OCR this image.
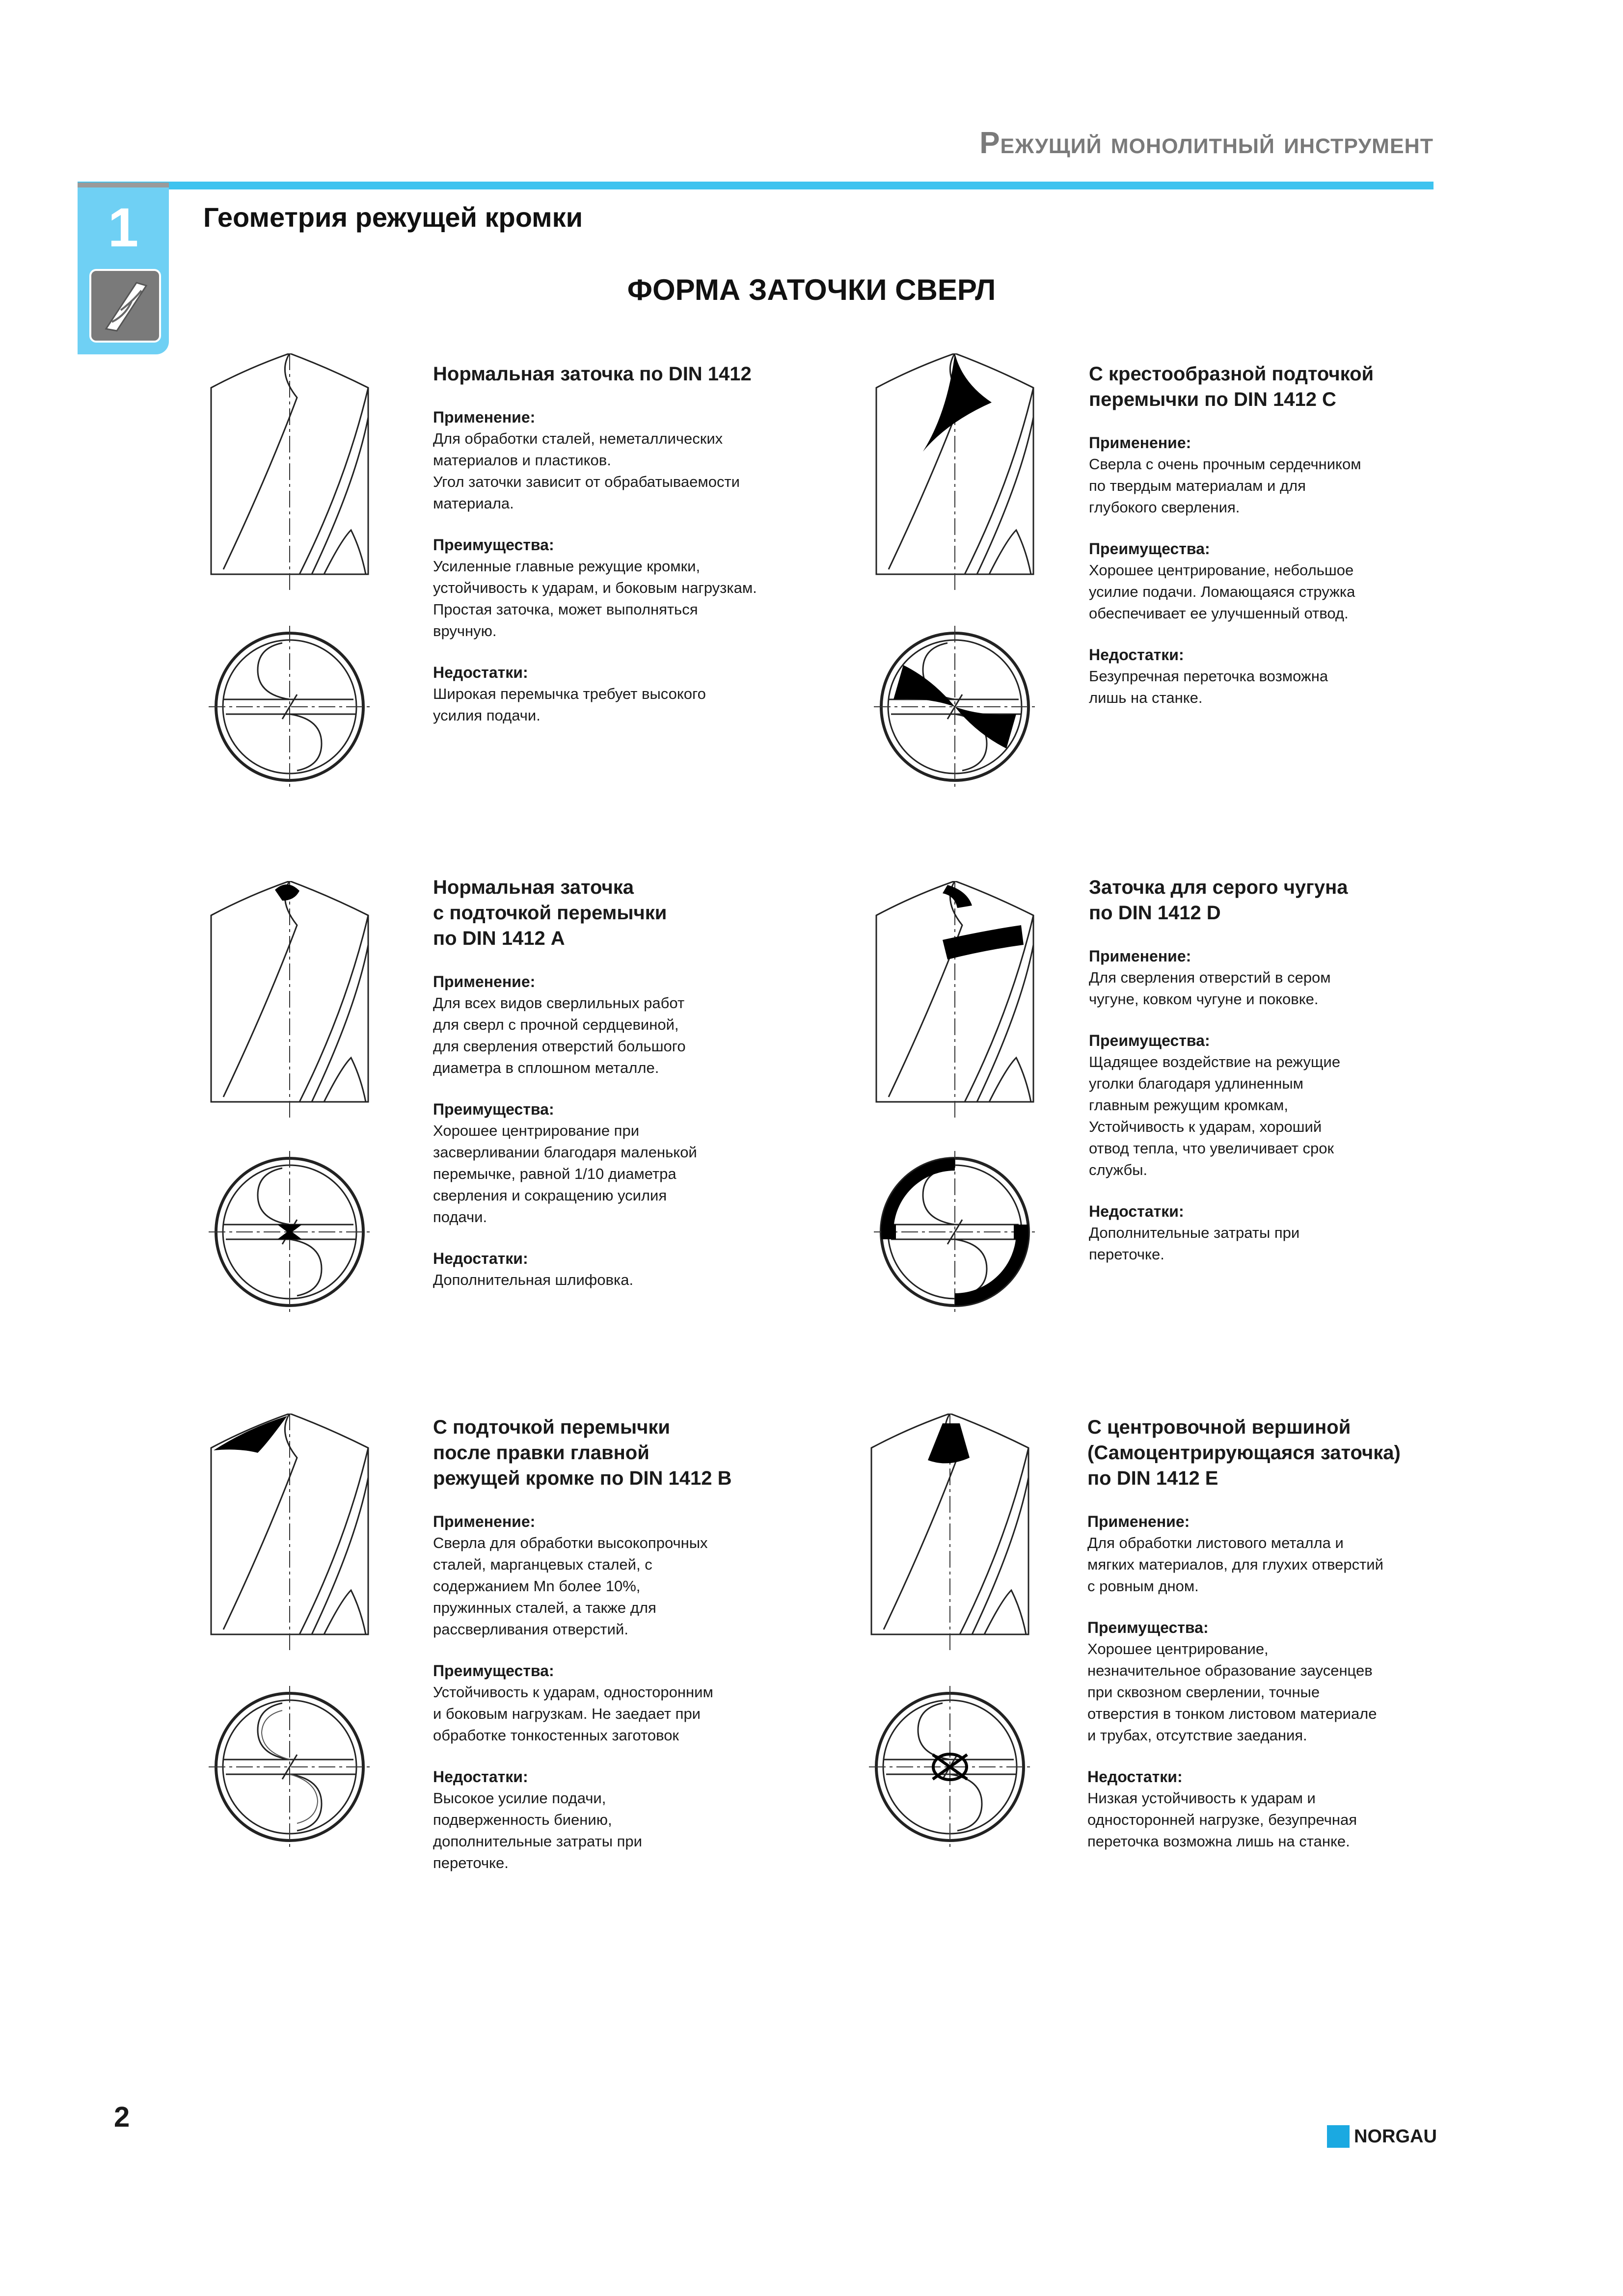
Режущий монолитный инструмент
1	Геометрия режущей кромки
ФОРМА ЗАТОЧКИ СВЕРЛ

Нормальная заточка по DIN 1412

Применение:

Для обработки сталей, неметаллических
материалов и пластиков.
Угол заточки зависит от обрабатываемости
материала.

Преимущества:

Усиленные главные режущие кромки,
устойчивость к ударам, и боковым нагрузкам.
Простая заточка, может выполняться
вручную.

Недостатки:

Широкая перемычка требует высокого
усилия подачи.

С крестообразной подточкой
перемычки по DIN 1412 С

Применение:

Сверла с очень прочным сердечником
по твердым материалам и для
глубокого сверления.

Преимущества:

Хорошее центрирование, небольшое
усилие подачи. Ломающаяся стружка
обеспечивает ее улучшенный отвод.

Недостатки:

Безупречная переточка возможна
лишь на станке.

Нормальная заточка
с подточкой перемычки
по DIN 1412 А

Применение:

Для всех видов сверлильных работ
для сверл с прочной сердцевиной,
для сверления отверстий большого
диаметра в сплошном металле.

Преимущества:

Хорошее центрирование при
засверливании благодаря маленькой
перемычке, равной 1/10 диаметра
сверления и сокращению усилия
подачи.

Недостатки:

Дополнительная шлифовка.

Заточка для серого чугуна
по DIN 1412 D

Применение:

Для сверления отверстий в сером
чугуне, ковком чугуне и поковке.

Преимущества:

Щадящее воздействие на режущие
уголки благодаря удлиненным
главным режущим кромкам,
Устойчивость к ударам, хороший
отвод тепла, что увеличивает срок
службы.

Недостатки:

Дополнительные затраты при
переточке.

С подточкой перемычки
после правки главной
режущей кромке по DIN 1412 В

Применение:

Сверла для обработки высокопрочных
сталей, марганцевых сталей, с
содержанием Mn более 10%,
пружинных сталей, а также для
рассверливания отверстий.

Преимущества:

Устойчивость к ударам, односторонним
и боковым нагрузкам. Не заедает при
обработке тонкостенных заготовок

Недостатки:

Высокое усилие подачи,
подверженность биению,
дополнительные затраты при
переточке.

С центровочной вершиной
(Самоцентрирующаяся заточка)
по DIN 1412 Е

Применение:

Для обработки листового металла и
мягких материалов, для глухих отверстий
с ровным дном.

Преимущества:

Хорошее центрирование,
незначительное образование заусенцев
при сквозном сверлении, точные
отверстия в тонком листовом материале
и трубах, отсутствие заедания.

Недостатки:

Низкая устойчивость к ударам и
односторонней нагрузке, безупречная
переточка возможна лишь на станке.

2
NORGAU
